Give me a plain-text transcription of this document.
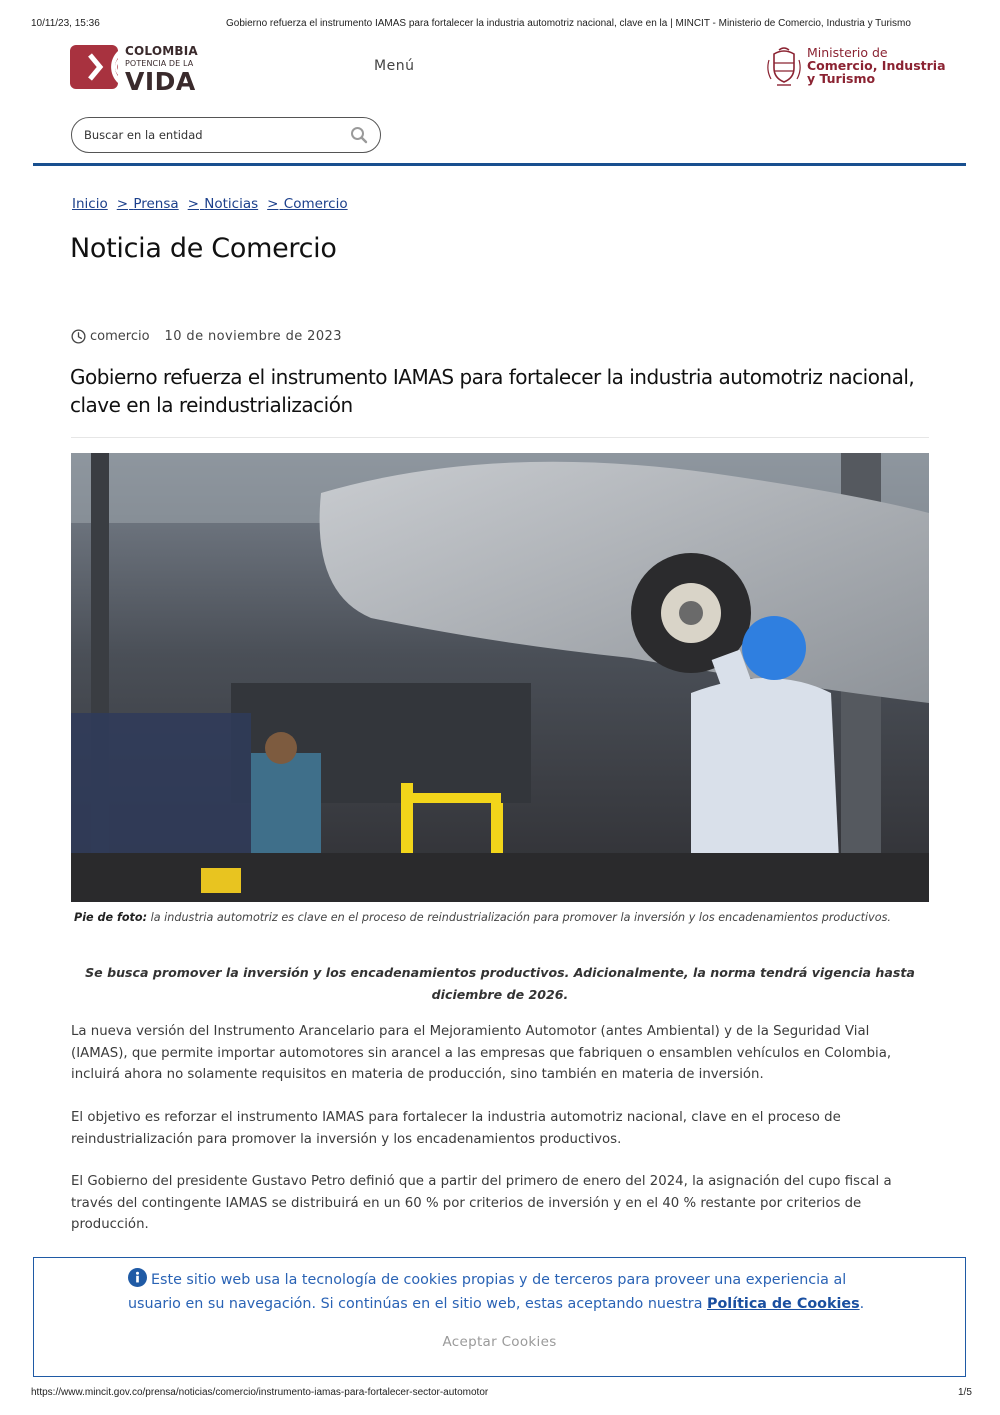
10/11/23, 15:36	Gobierno refuerza el instrumento IAMAS para fortalecer la industria automotriz nacional, clave en la | MINCIT - Ministerio de Comercio, Industria y Turismo
COLOMBIA
POTENCIA DE LA
VIDA
Menú
Ministerio de
Comercio, Industria
y Turismo
Buscar en la entidad
Inicio > Prensa > Noticias > Comercio
Noticia de Comercio
comercio 10 de noviembre de 2023
Gobierno refuerza el instrumento IAMAS para fortalecer la industria automotriz nacional, clave en la reindustrialización
Pie de foto: la industria automotriz es clave en el proceso de reindustrialización para promover la inversión y los encadenamientos productivos.
Se busca promover la inversión y los encadenamientos productivos. Adicionalmente, la norma tendrá vigencia hasta diciembre de 2026.

La nueva versión del Instrumento Arancelario para el Mejoramiento Automotor (antes Ambiental) y de la Seguridad Vial (IAMAS), que permite importar automotores sin arancel a las empresas que fabriquen o ensamblen vehículos en Colombia, incluirá ahora no solamente requisitos en materia de producción, sino también en materia de inversión.

El objetivo es reforzar el instrumento IAMAS para fortalecer la industria automotriz nacional, clave en el proceso de reindustrialización para promover la inversión y los encadenamientos productivos.

El Gobierno del presidente Gustavo Petro definió que a partir del primero de enero del 2024, la asignación del cupo fiscal a través del contingente IAMAS se distribuirá en un 60 % por criterios de inversión y en el 40 % restante por criterios de producción.

Este sitio web usa la tecnología de cookies propias y de terceros para proveer una experiencia al usuario en su navegación. Si continúas en el sitio web, estas aceptando nuestra Política de Cookies.
Aceptar Cookies
https://www.mincit.gov.co/prensa/noticias/comercio/instrumento-iamas-para-fortalecer-sector-automotor	1/5
